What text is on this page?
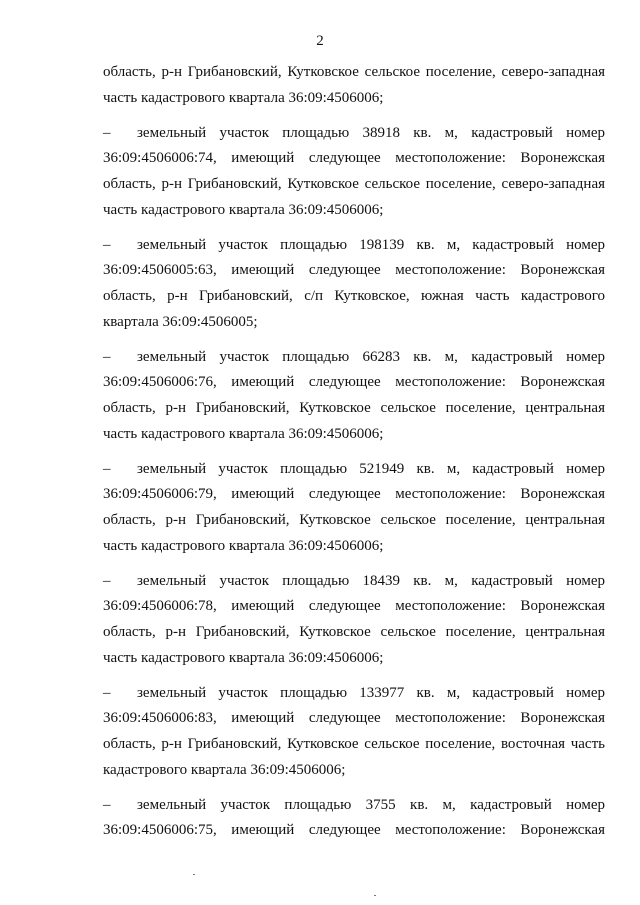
2

область, р-н Грибановский, Кутковское сельское поселение, северо-западная
часть кадастрового квартала 36:09:4506006;

– земельный участок площадью 38918 кв. м, кадастровый номер
36:09:4506006:74, имеющий следующее местоположение: Воронежская
область, р-н Грибановский, Кутковское сельское поселение, северо-западная
часть кадастрового квартала 36:09:4506006;

– земельный участок площадью 198139 кв. м, кадастровый номер
36:09:4506005:63, имеющий следующее местоположение: Воронежская
область, р-н Грибановский, с/п Кутковское, южная часть кадастрового
квартала 36:09:4506005;

– земельный участок площадью 66283 кв. м, кадастровый номер
36:09:4506006:76, имеющий следующее местоположение: Воронежская
область, р-н Грибановский, Кутковское сельское поселение, центральная
часть кадастрового квартала 36:09:4506006;

– земельный участок площадью 521949 кв. м, кадастровый номер
36:09:4506006:79, имеющий следующее местоположение: Воронежская
область, р-н Грибановский, Кутковское сельское поселение, центральная
часть кадастрового квартала 36:09:4506006;

– земельный участок площадью 18439 кв. м, кадастровый номер
36:09:4506006:78, имеющий следующее местоположение: Воронежская
область, р-н Грибановский, Кутковское сельское поселение, центральная
часть кадастрового квартала 36:09:4506006;

– земельный участок площадью 133977 кв. м, кадастровый номер
36:09:4506006:83, имеющий следующее местоположение: Воронежская
область, р-н Грибановский, Кутковское сельское поселение, восточная часть
кадастрового квартала 36:09:4506006;

– земельный участок площадью 3755 кв. м, кадастровый номер
36:09:4506006:75, имеющий следующее местоположение: Воронежская
